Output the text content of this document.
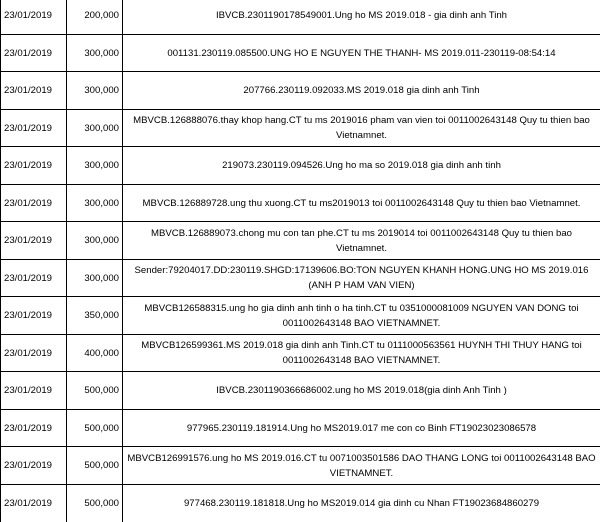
23/01/2019	200,000	IBVCB.2301190178549001.Ung ho MS 2019.018 - gia dinh anh Tinh
23/01/2019	300,000	001131.230119.085500.UNG HO E NGUYEN THE THANH- MS 2019.011-230119-08:54:14
23/01/2019	300,000	207766.230119.092033.MS 2019.018 gia dinh anh Tinh
23/01/2019	300,000	MBVCB.126888076.thay khop hang.CT tu ms 2019016 pham van vien toi 0011002643148 Quy tu thien bao Vietnamnet.
23/01/2019	300,000	219073.230119.094526.Ung ho ma so 2019.018 gia dinh anh tinh
23/01/2019	300,000	MBVCB.126889728.ung thu xuong.CT tu ms2019013 toi 0011002643148 Quy tu thien bao Vietnamnet.
23/01/2019	300,000	MBVCB.126889073.chong mu con tan phe.CT tu ms 2019014 toi 0011002643148 Quy tu thien bao Vietnamnet.
23/01/2019	300,000	Sender:79204017.DD:230119.SHGD:17139606.BO:TON NGUYEN KHANH HONG.UNG HO MS 2019.016 (ANH P HAM VAN VIEN)
23/01/2019	350,000	MBVCB126588315.ung ho gia dinh anh tinh o ha tinh.CT tu 0351000081009 NGUYEN VAN DONG toi 0011002643148 BAO VIETNAMNET.
23/01/2019	400,000	MBVCB126599361.MS 2019.018 gia dinh anh Tinh.CT tu 0111000563561 HUYNH THI THUY HANG toi 0011002643148 BAO VIETNAMNET.
23/01/2019	500,000	IBVCB.2301190366686002.ung ho MS 2019.018(gia dinh Anh Tinh )
23/01/2019	500,000	977965.230119.181914.Ung ho MS2019.017 me con co Binh FT19023023086578
23/01/2019	500,000	MBVCB126991576.ung ho MS 2019.016.CT tu 0071003501586 DAO THANG LONG toi 0011002643148 BAO VIETNAMNET.
23/01/2019	500,000	977468.230119.181818.Ung ho MS2019.014 gia dinh cu Nhan FT19023684860279
